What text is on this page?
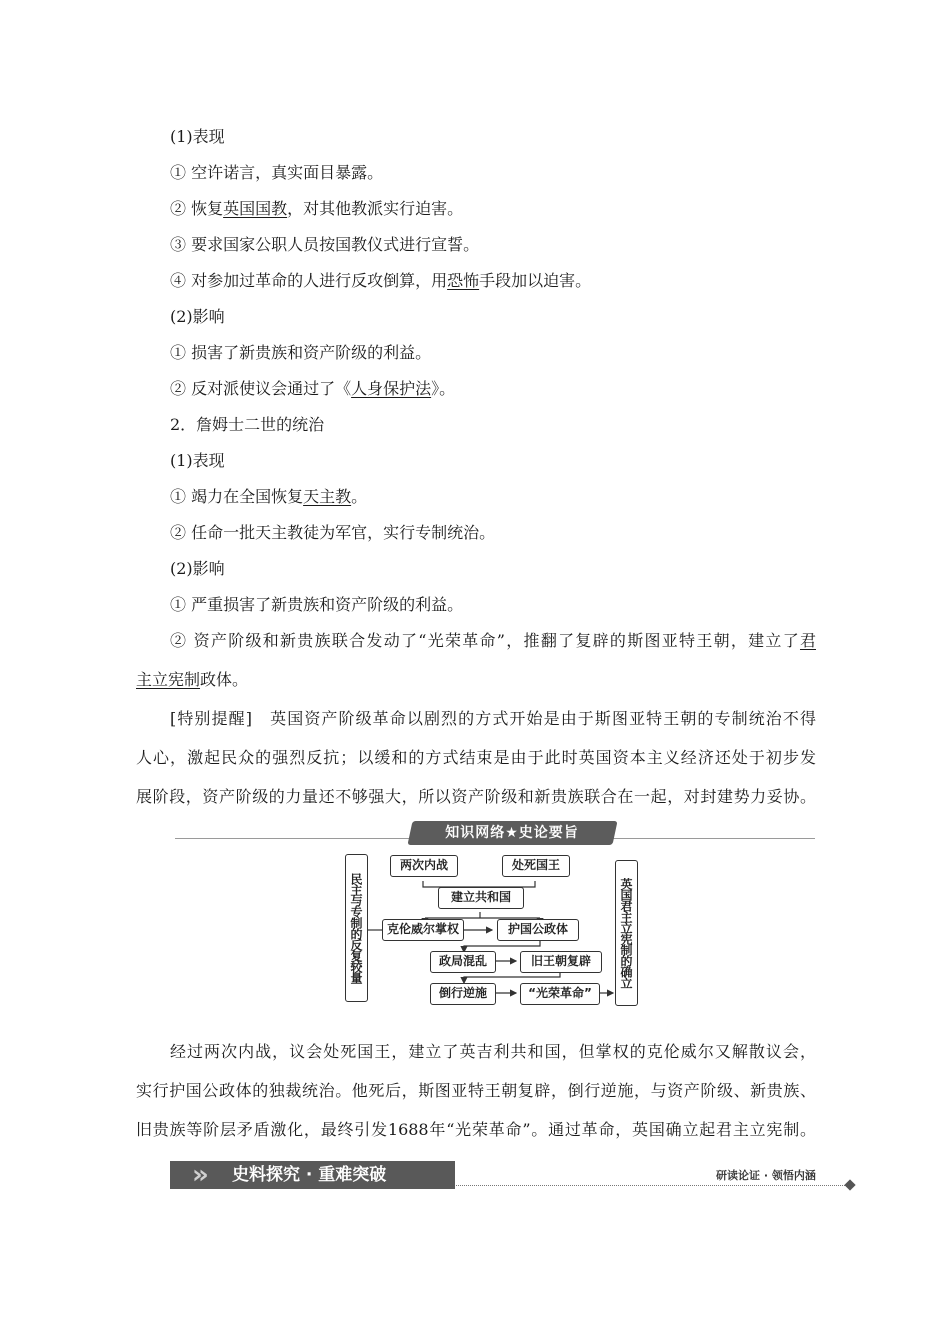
(1)表现
① 空许诺言，真实面目暴露。
② 恢复英国国教，对其他教派实行迫害。
③ 要求国家公职人员按国教仪式进行宣誓。
④ 对参加过革命的人进行反攻倒算，用恐怖手段加以迫害。
(2)影响
① 损害了新贵族和资产阶级的利益。
② 反对派使议会通过了《人身保护法》。
2．詹姆士二世的统治
(1)表现
① 竭力在全国恢复天主教。
② 任命一批天主教徒为军官，实行专制统治。
(2)影响
① 严重损害了新贵族和资产阶级的利益。
② 资产阶级和新贵族联合发动了“光荣革命”，推翻了复辟的斯图亚特王朝，建立了君
主立宪制政体。
[特别提醒]　英国资产阶级革命以剧烈的方式开始是由于斯图亚特王朝的专制统治不得
人心，激起民众的强烈反抗；以缓和的方式结束是由于此时英国资本主义经济还处于初步发
展阶段，资产阶级的力量还不够强大，所以资产阶级和新贵族联合在一起，对封建势力妥协。
知识网络★史论要旨
民主与专制的反复较量	英国君主立宪制的确立
两次内战	处死国王
建立共和国
克伦威尔掌权	护国公政体
政局混乱	旧王朝复辟
倒行逆施	“光荣革命”
经过两次内战，议会处死国王，建立了英吉利共和国，但掌权的克伦威尔又解散议会，
实行护国公政体的独裁统治。他死后，斯图亚特王朝复辟，倒行逆施，与资产阶级、新贵族、
旧贵族等阶层矛盾激化，最终引发1688年“光荣革命”。通过革命，英国确立起君主立宪制。
»	史料探究 · 重难突破	研读论证 · 领悟内涵
